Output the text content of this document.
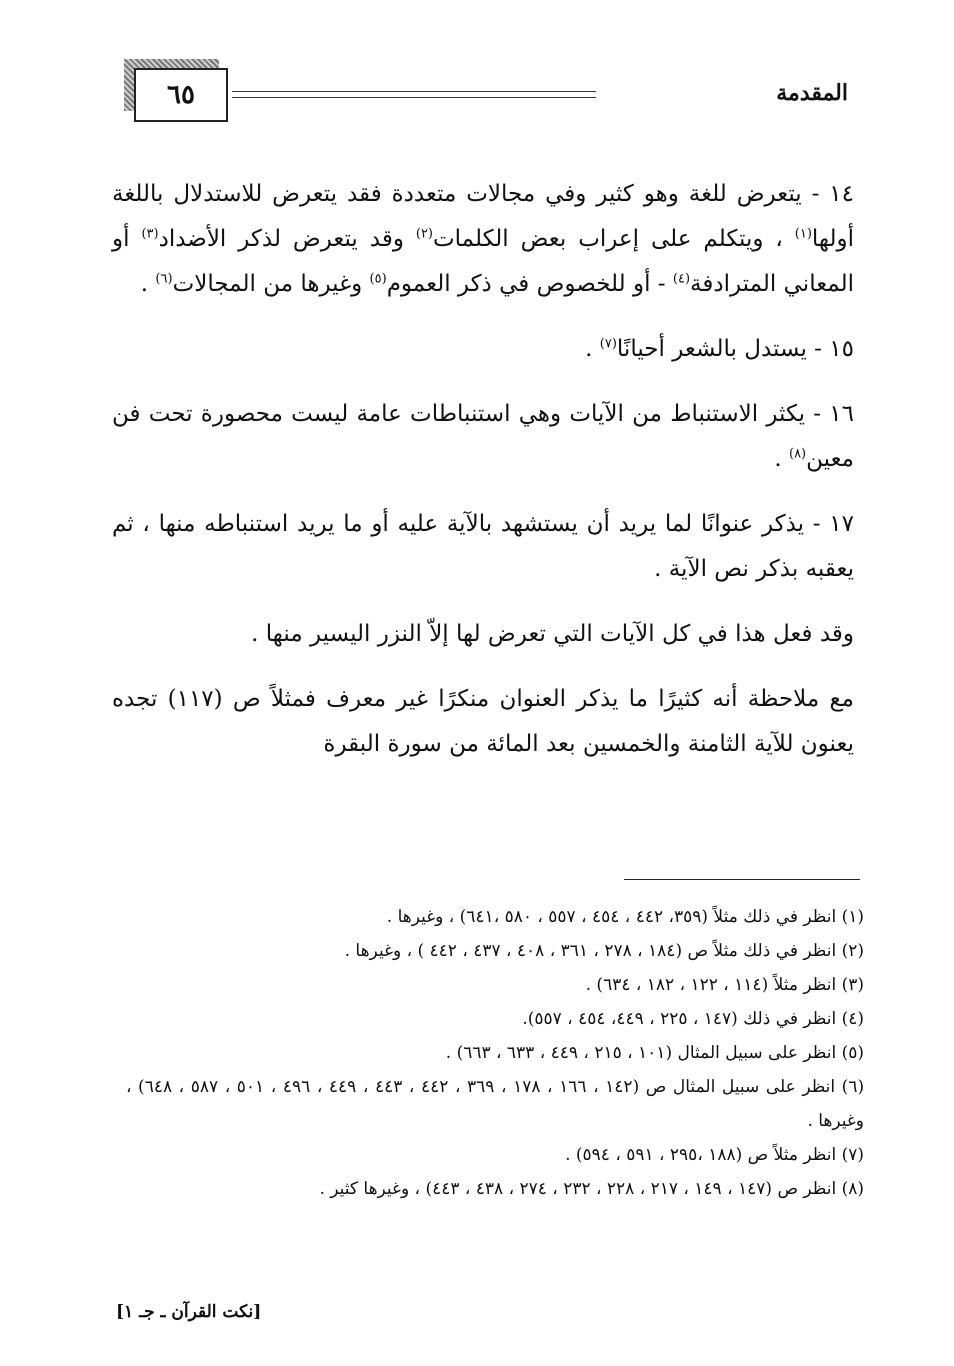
المقدمة
٦٥

١٤ - يتعرض للغة وهو كثير وفي مجالات متعددة فقد يتعرض للاستدلال باللغة أولها$^{(١)}$ ، ويتكلم على إعراب بعض الكلمات$^{(٢)}$ وقد يتعرض لذكر الأضداد$^{(٣)}$ أو المعاني المترادفة$^{(٤)}$ - أو للخصوص في ذكر العموم$^{(٥)}$ وغيرها من المجالات$^{(٦)}$ .

١٥ - يستدل بالشعر أحيانًا$^{(٧)}$ .

١٦ - يكثر الاستنباط من الآيات وهي استنباطات عامة ليست محصورة تحت فن معين$^{(٨)}$ .

١٧ - يذكر عنوانًا لما يريد أن يستشهد بالآية عليه أو ما يريد استنباطه منها ، ثم يعقبه بذكر نص الآية .

وقد فعل هذا في كل الآيات التي تعرض لها إلاّ النزر اليسير منها .

مع ملاحظة أنه كثيرًا ما يذكر العنوان منكرًا غير معرف فمثلاً ص (١١٧) تجده يعنون للآية الثامنة والخمسين بعد المائة من سورة البقرة

(١) انظر في ذلك مثلاً (٣٥٩، ٤٤٢ ، ٤٥٤ ، ٥٥٧ ، ٥٨٠ ،٦٤١) ، وغيرها .

(٢) انظر في ذلك مثلاً ص (١٨٤ ، ٢٧٨ ، ٣٦١ ، ٤٠٨ ، ٤٣٧ ، ٤٤٢ ) ، وغيرها .

(٣) انظر مثلاً (١١٤ ، ١٢٢ ، ١٨٢ ، ٦٣٤) .

(٤) انظر في ذلك (١٤٧ ، ٢٢٥ ، ٤٤٩، ٤٥٤ ، ٥٥٧).

(٥) انظر على سبيل المثال (١٠١ ، ٢١٥ ، ٤٤٩ ، ٦٣٣ ، ٦٦٣) .

(٦) انظر على سبيل المثال ص (١٤٢ ، ١٦٦ ، ١٧٨ ، ٣٦٩ ، ٤٤٢ ، ٤٤٣ ، ٤٤٩ ، ٤٩٦ ، ٥٠١ ، ٥٨٧ ، ٦٤٨) ، وغيرها .

(٧) انظر مثلاً ص (١٨٨ ،٢٩٥ ، ٥٩١ ، ٥٩٤) .

(٨) انظر ص (١٤٧ ، ١٤٩ ، ٢١٧ ، ٢٢٨ ، ٢٣٢ ، ٢٧٤ ، ٤٣٨ ، ٤٤٣) ، وغيرها كثير .

[نكت القرآن ـ جـ ١]
